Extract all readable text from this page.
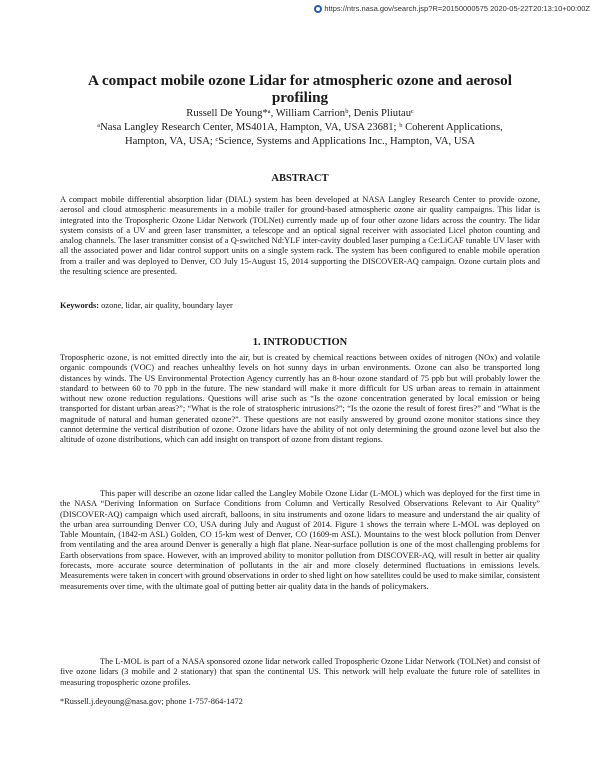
https://ntrs.nasa.gov/search.jsp?R=20150000575 2020-05-22T20:13:10+00:00Z
A compact mobile ozone Lidar for atmospheric ozone and aerosol profiling
Russell De Young*ᵃ, William Carrionᵇ, Denis Pliutauᶜ
ᵃNasa Langley Research Center, MS401A, Hampton, VA, USA 23681; ᵇ Coherent Applications,
Hampton, VA, USA; ᶜScience, Systems and Applications Inc., Hampton, VA, USA
ABSTRACT
A compact mobile differential absorption lidar (DIAL) system has been developed at NASA Langley Research Center to provide ozone, aerosol and cloud atmospheric measurements in a mobile trailer for ground-based atmospheric ozone air quality campaigns. This lidar is integrated into the Tropospheric Ozone Lidar Network (TOLNet) currently made up of four other ozone lidars across the country. The lidar system consists of a UV and green laser transmitter, a telescope and an optical signal receiver with associated Licel photon counting and analog channels. The laser transmitter consist of a Q-switched Nd:YLF inter-cavity doubled laser pumping a Ce:LiCAF tunable UV laser with all the associated power and lidar control support units on a single system rack. The system has been configured to enable mobile operation from a trailer and was deployed to Denver, CO July 15-August 15, 2014 supporting the DISCOVER-AQ campaign. Ozone curtain plots and the resulting science are presented.
Keywords: ozone, lidar, air quality, boundary layer
1. INTRODUCTION
Tropospheric ozone, is not emitted directly into the air, but is created by chemical reactions between oxides of nitrogen (NOx) and volatile organic compounds (VOC) and reaches unhealthy levels on hot sunny days in urban environments. Ozone can also be transported long distances by winds. The US Environmental Protection Agency currently has an 8-hour ozone standard of 75 ppb but will probably lower the standard to between 60 to 70 ppb in the future. The new standard will make it more difficult for US urban areas to remain in attainment without new ozone reduction regulations. Questions will arise such as “Is the ozone concentration generated by local emission or being transported for distant urban areas?”; “What is the role of stratospheric intrusions?”; “Is the ozone the result of forest fires?” and “What is the magnitude of natural and human generated ozone?”. These questions are not easily answered by ground ozone monitor stations since they cannot determine the vertical distribution of ozone. Ozone lidars have the ability of not only determining the ground ozone level but also the altitude of ozone distributions, which can add insight on transport of ozone from distant regions.
This paper will describe an ozone lidar called the Langley Mobile Ozone Lidar (L-MOL) which was deployed for the first time in the NASA “Deriving Information on Surface Conditions from Column and Vertically Resolved Observations Relevant to Air Quality” (DISCOVER-AQ) campaign which used aircraft, balloons, in situ instruments and ozone lidars to measure and understand the air quality of the urban area surrounding Denver CO, USA during July and August of 2014. Figure 1 shows the terrain where L-MOL was deployed on Table Mountain, (1842-m ASL) Golden, CO 15-km west of Denver, CO (1609-m ASL). Mountains to the west block pollution from Denver from ventilating and the area around Denver is generally a high flat plane. Near-surface pollution is one of the most challenging problems for Earth observations from space. However, with an improved ability to monitor pollution from DISCOVER-AQ, will result in better air quality forecasts, more accurate source determination of pollutants in the air and more closely determined fluctuations in emissions levels. Measurements were taken in concert with ground observations in order to shed light on how satellites could be used to make similar, consistent measurements over time, with the ultimate goal of putting better air quality data in the hands of policymakers.
The L-MOL is part of a NASA sponsored ozone lidar network called Tropospheric Ozone Lidar Network (TOLNet) and consist of five ozone lidars (3 mobile and 2 stationary) that span the continental US. This network will help evaluate the future role of satellites in measuring tropospheric ozone profiles.
*Russell.j.deyoung@nasa.gov; phone 1-757-864-1472
